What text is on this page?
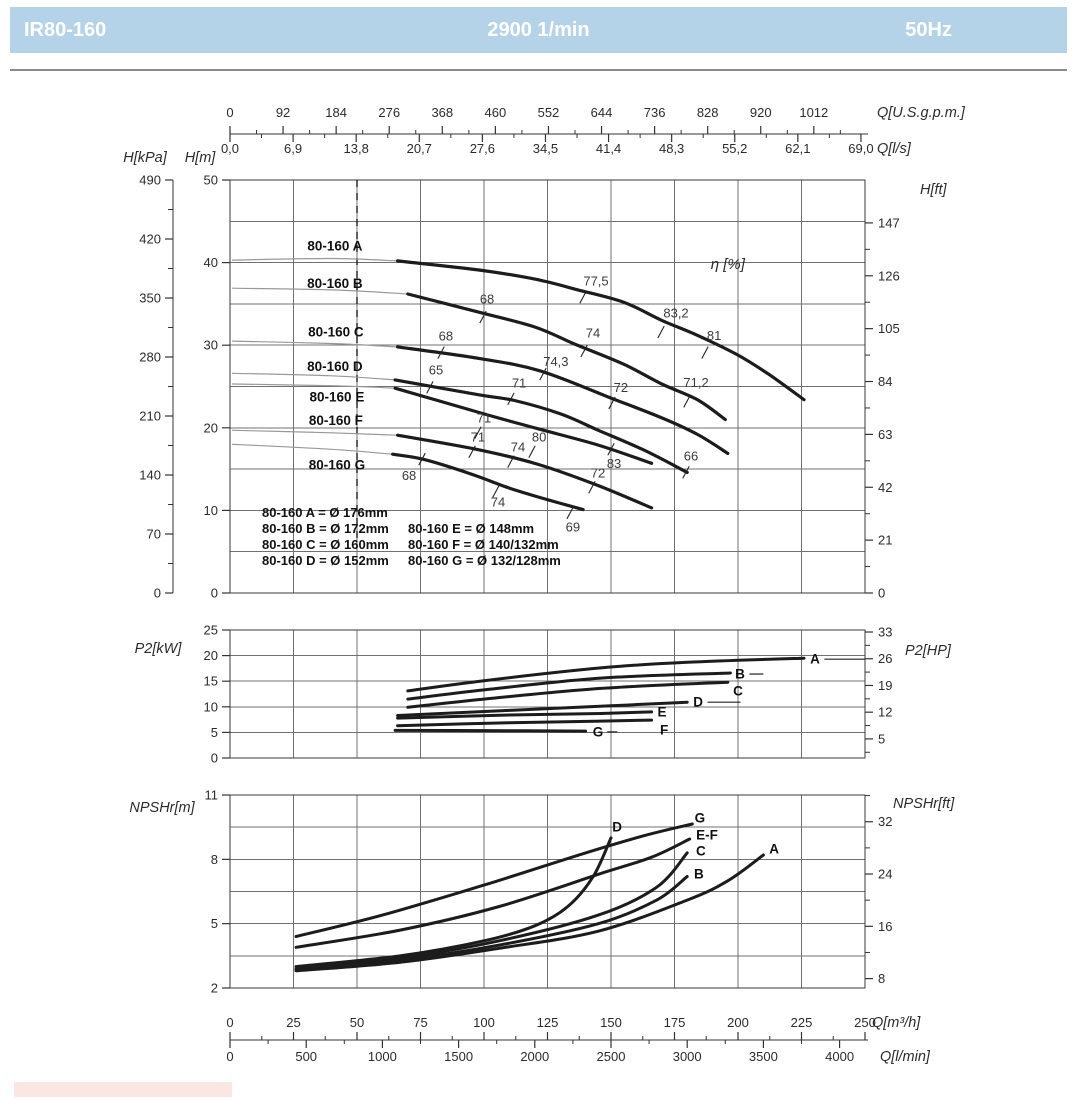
IR80-160	2900 1/min	50Hz
0	92	184 276 368 460 552 644 736 828 920 1012
0,0	6,9	13,8	20,7	27,6	34,5	41,4	48,3	55,2	62,1	69,0
Q[U.S.g.p.m.]
Q[l/s]
50
40
30
20
10
0
H[m]
490
420
350
280
210
140
70
0
H[kPa]
147
126
105
84
63
42
21
0
H[ft]
80-160 A
80-160 B
80-160 C
80-160 D
80-160 E
80-160 F
80-160 G
77,5
83,2
81
68
74
71,2
68
74,3
72
65
71
66
71
80
83
71
74
72
68
74
69
η [%]
80-160 A = Ø 176mm
80-160 B = Ø 172mm
80-160 C = Ø 160mm
80-160 D = Ø 152mm
80-160 E = Ø 148mm
80-160 F = Ø 140/132mm
80-160 G = Ø 132/128mm
25
20
15
10
5
0
P2[kW]
33
26
19
12
5
P2[HP]
A
B
C
D
E
F
G
11
8
5
2
NPSHr[m]
32
24
16
8
NPSHr[ft]
G
E-F
D
C
B
A
0	25	50	75	100	125	150	175	200	225	250
0	500	1000	1500	2000	2500	3000	3500	4000
Q[m³/h]
Q[l/min]
